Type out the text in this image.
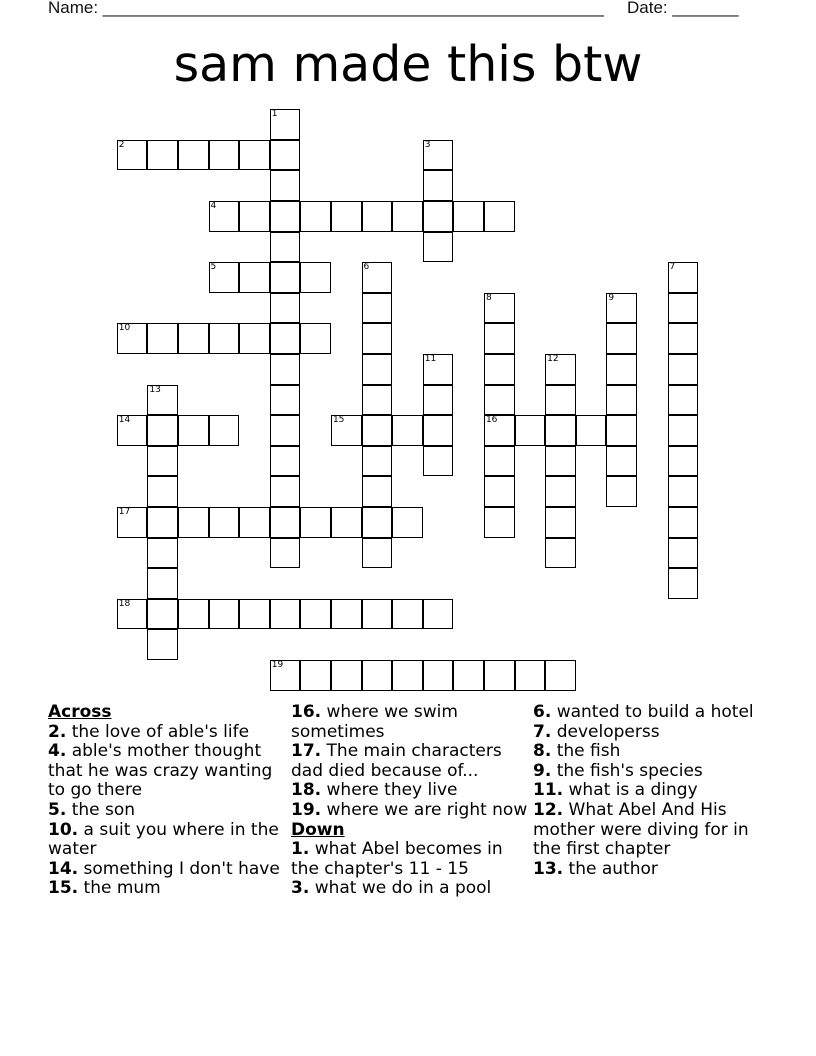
Name: _____________________________________________________ Date: _______
sam made this btw
1
2	3
4
5	6	7
8
16
9
10
11	12
13
14	15
17
18
19
Across
2. the love of able's life
4. able's mother thought that he was crazy wanting to go there
5. the son
10. a suit you where in the water
14. something I don't have
15. the mum
16. where we swim sometimes
17. The main characters dad died because of...
18. where they live
19. where we are right now
Down
1. what Abel becomes in the chapter's 11 - 15
3. what we do in a pool
6. wanted to build a hotel
7. developerss
8. the fish
9. the fish's species
11. what is a dingy
12. What Abel And His mother were diving for in the first chapter
13. the author
